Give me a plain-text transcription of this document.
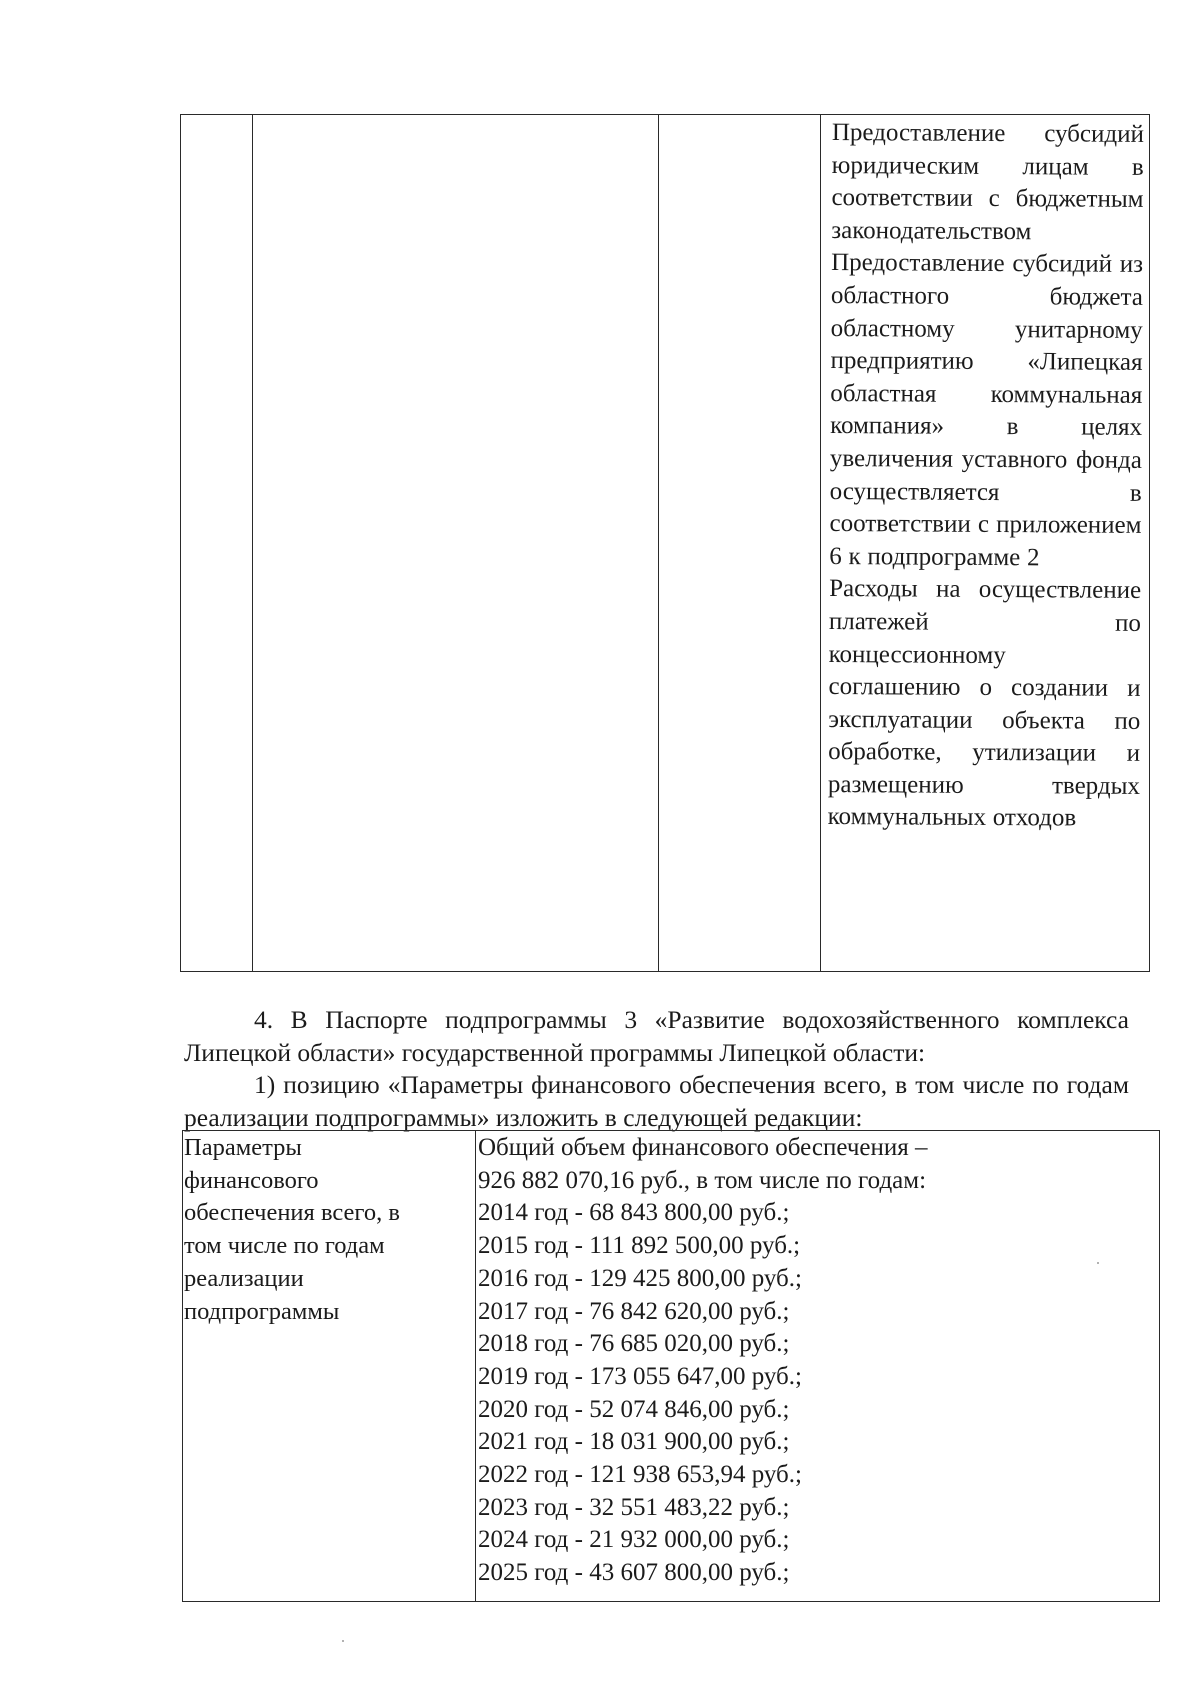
Предоставление субсидий юридическим лицам в соответствии с бюджетным законодательством

Предоставление субсидий из областного бюджета областному унитарному предприятию «Липецкая областная коммунальная компания» в целях увеличения уставного фонда осуществляется в соответствии с приложением 6 к подпрограмме 2

Расходы на осуществление платежей по концессионному соглашению о создании и эксплуатации объекта по обработке, утилизации и размещению твердых коммунальных отходов

4. В Паспорте подпрограммы 3 «Развитие водохозяйственного комплекса Липецкой области» государственной программы Липецкой области:

1) позицию «Параметры финансового обеспечения всего, в том числе по годам реализации подпрограммы» изложить в следующей редакции:

Параметры
финансового
обеспечения всего, в
том числе по годам
реализации
подпрограммы
Общий объем финансового обеспечения –
926 882 070,16 руб., в том числе по годам:
2014 год - 68 843 800,00 руб.;
2015 год - 111 892 500,00 руб.;
2016 год - 129 425 800,00 руб.;
2017 год - 76 842 620,00 руб.;
2018 год - 76 685 020,00 руб.;
2019 год - 173 055 647,00 руб.;
2020 год - 52 074 846,00 руб.;
2021 год - 18 031 900,00 руб.;
2022 год - 121 938 653,94 руб.;
2023 год - 32 551 483,22 руб.;
2024 год - 21 932 000,00 руб.;
2025 год - 43 607 800,00 руб.;
